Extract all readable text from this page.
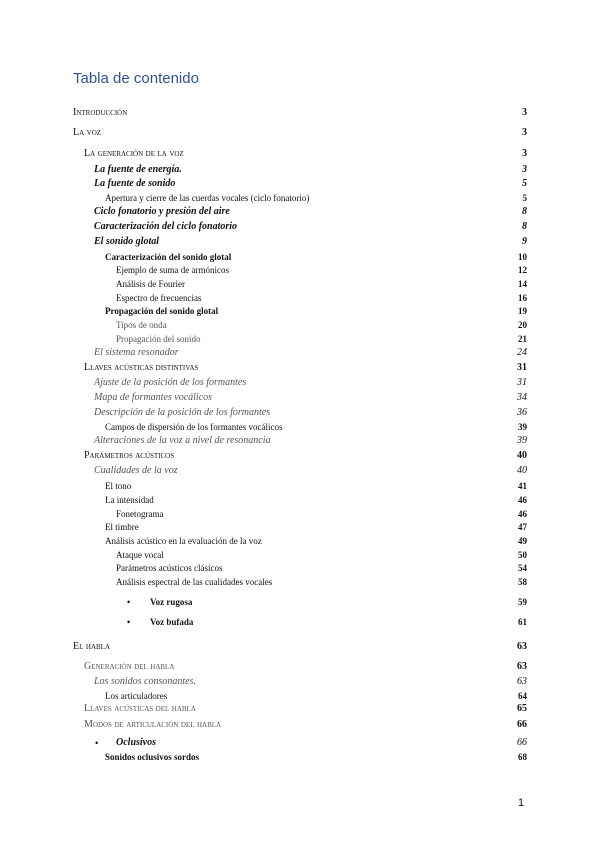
Tabla de contenido
Introducción	3
La voz	3
La generación de la voz	3
La fuente de energía.	3
La fuente de sonido	5
Apertura y cierre de las cuerdas vocales (ciclo fonatorio)	5
Ciclo fonatorio y presión del aire	8
Caracterización del ciclo fonatorio	8
El sonido glotal	9
Caracterización del sonido glotal	10
Ejemplo de suma de armónicos	12
Análisis de Fourier	14
Espectro de frecuencias	16
Propagación del sonido glotal	19
Tipos de onda	20
Propagación del sonido	21
El sistema resonador	24
Llaves acústicas distintivas	31
Ajuste de la posición de los formantes	31
Mapa de formantes vocálicos	34
Descripción de la posición de los formantes	36
Campos de dispersión de los formantes vocálicos	39
Alteraciones de la voz a nivel de resonancia	39
Parámetros acústicos	40
Cualidades de la voz	40
El tono	41
La intensidad	46
Fonetograma	46
El timbre	47
Análisis acústico en la evaluación de la voz	49
Ataque vocal	50
Parámetros acústicos clásicos	54
Análisis espectral de las cualidades vocales	58
• Voz rugosa	59
• Voz bufada	61
El habla	63
Generación del habla	63
Los sonidos consonantes.	63
Los articuladores	64
Llaves acústicas del habla	65
Modos de articulación del habla	66
• Oclusivos	66
Sonidos oclusivos sordos	68
1
